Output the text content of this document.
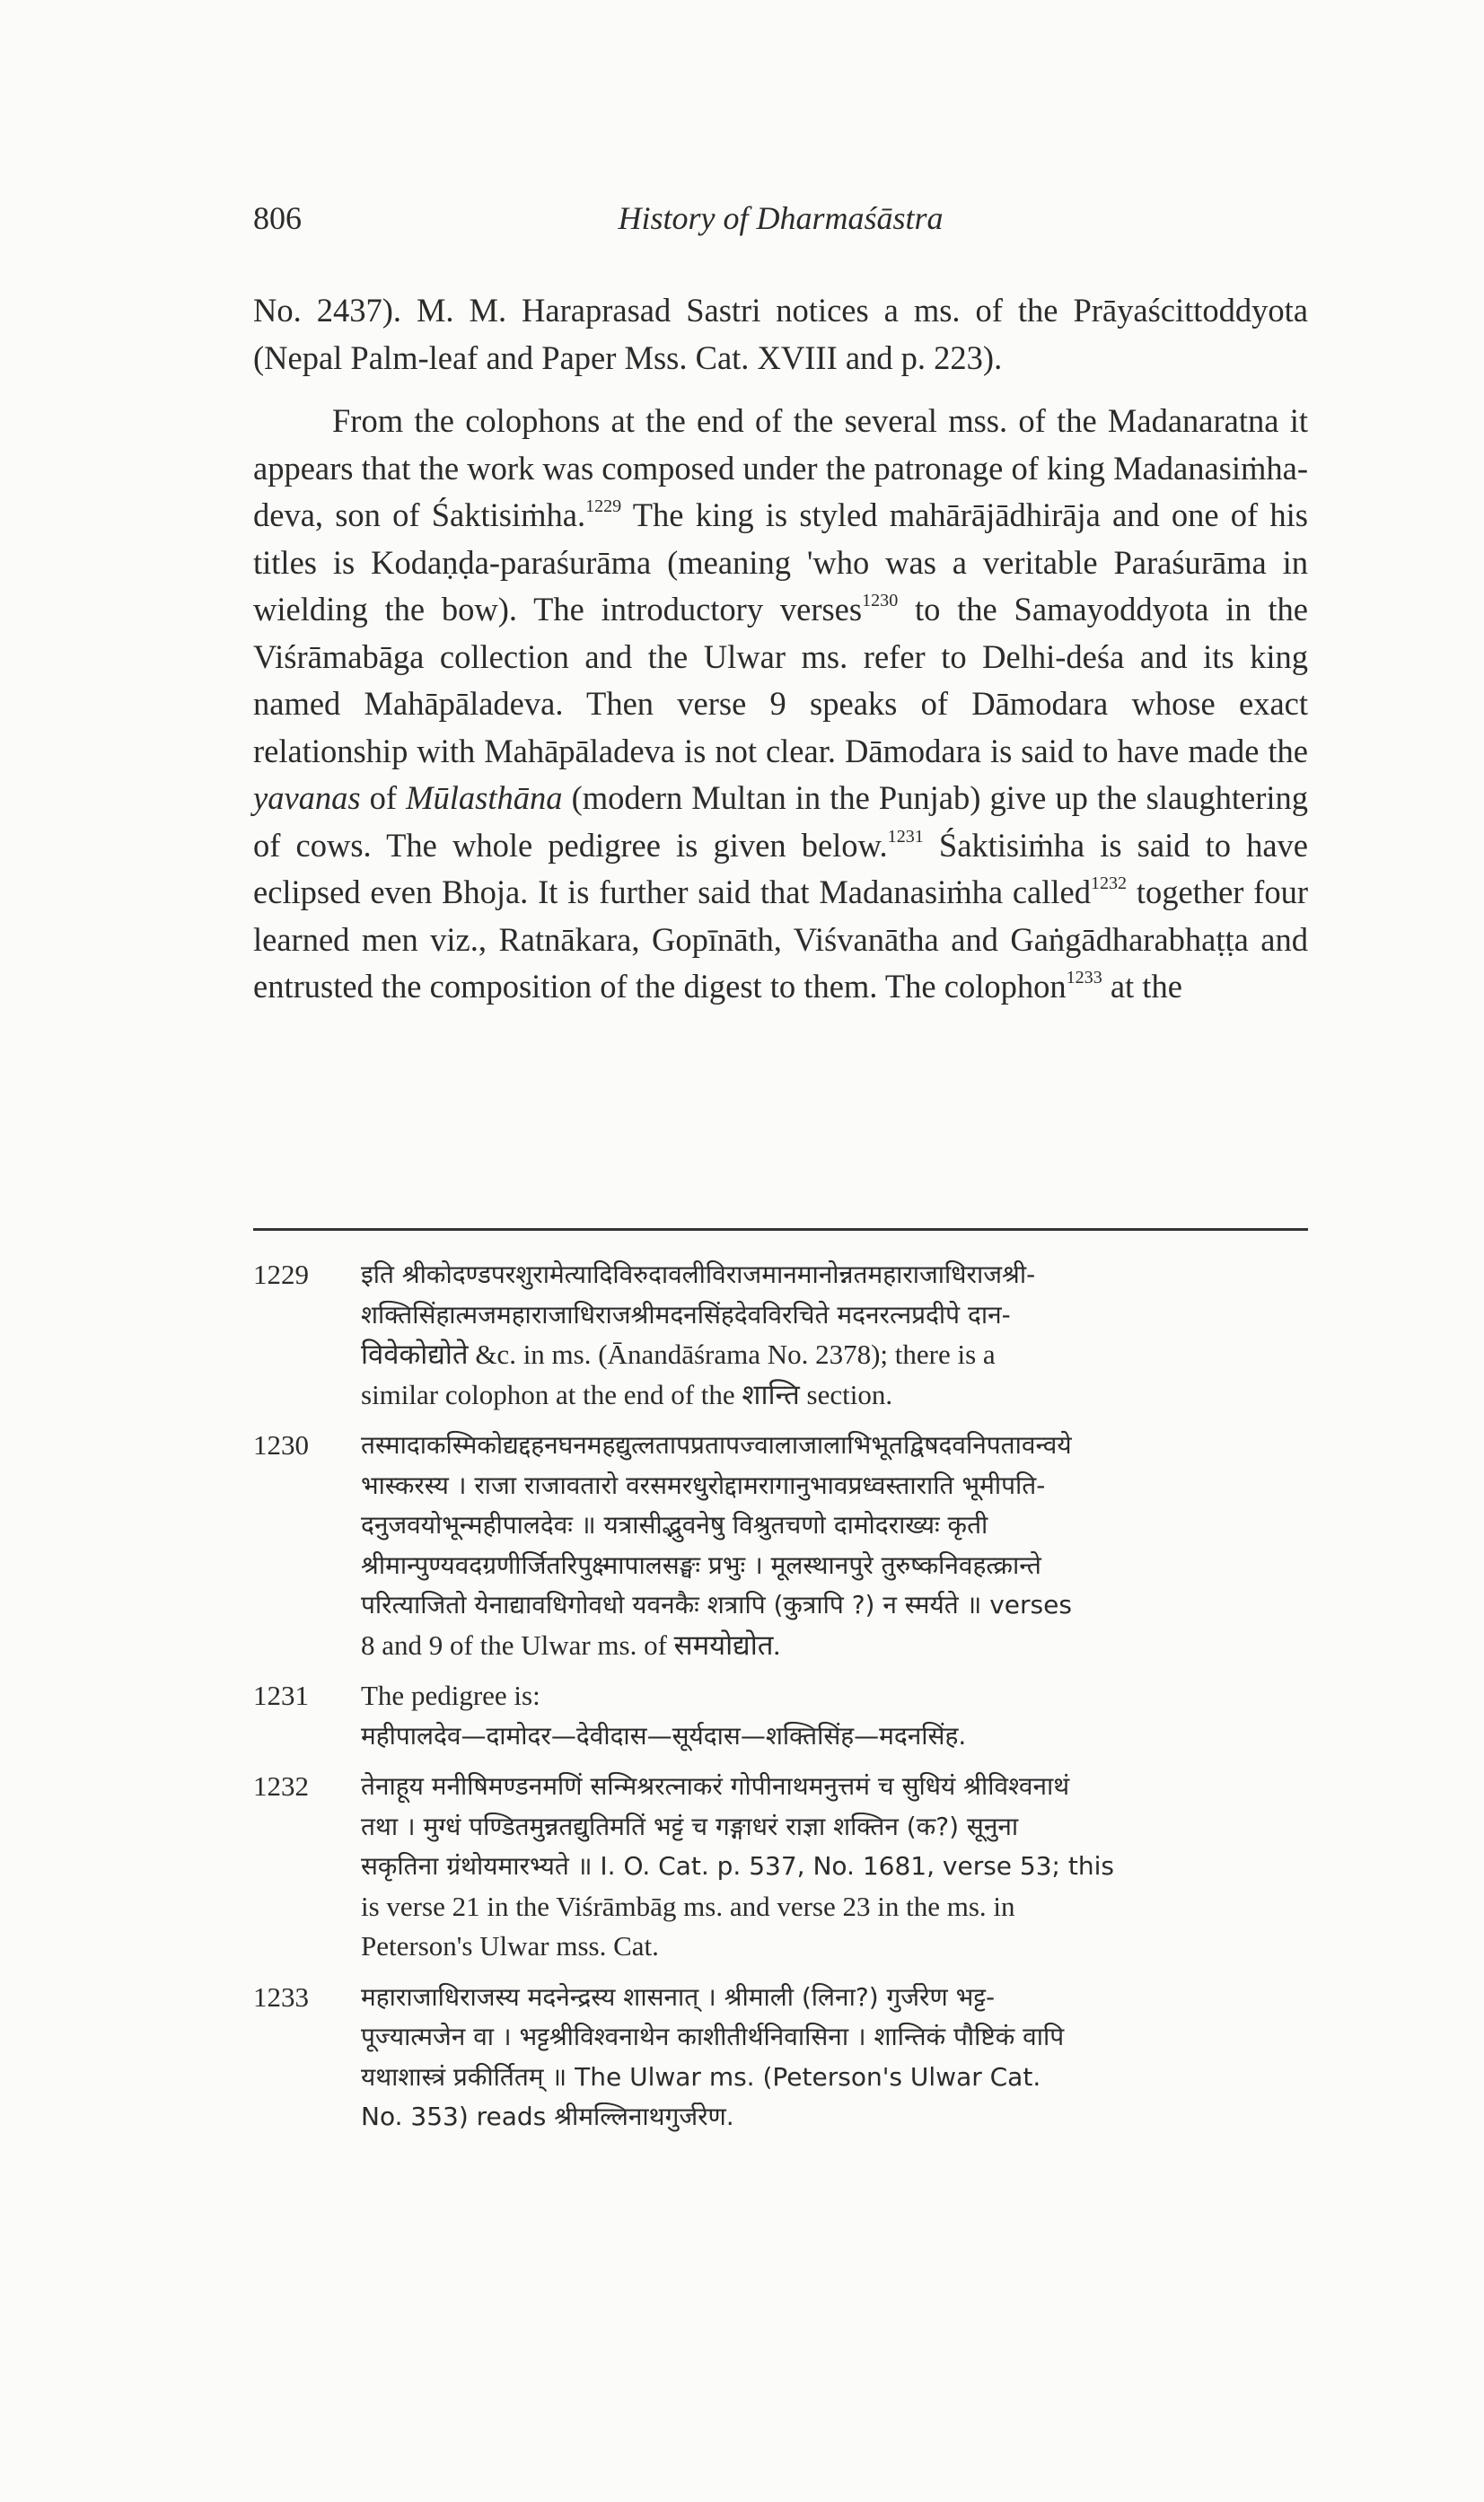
806	History of Dharmaśāstra

No. 2437). M. M. Haraprasad Sastri notices a ms. of the Prāyaścittoddyota (Nepal Palm-leaf and Paper Mss. Cat. XVIII and p. 223).

From the colophons at the end of the several mss. of the Madanaratna it appears that the work was composed under the patronage of king Madanasiṁha-deva, son of Śaktisiṁha.$^{1229}$ The king is styled mahārājādhirāja and one of his titles is Kodaṇḍa-paraśurāma (meaning 'who was a veritable Paraśurāma in wielding the bow). The introductory verses$^{1230}$ to the Samayoddyota in the Viśrāmabāga collection and the Ulwar ms. refer to Delhi-deśa and its king named Mahāpāladeva. Then verse 9 speaks of Dāmodara whose exact relationship with Mahāpāladeva is not clear. Dāmodara is said to have made the yavanas of Mūlasthāna (modern Multan in the Punjab) give up the slaughtering of cows. The whole pedigree is given below.$^{1231}$ Śaktisiṁha is said to have eclipsed even Bhoja. It is further said that Madanasiṁha called$^{1232}$ together four learned men viz., Ratnākara, Gopīnāth, Viśvanātha and Gaṅgādharabhaṭṭa and entrusted the composition of the digest to them. The colophon$^{1233}$ at the

1229 इति श्रीकोदण्डपरशुरामेत्यादिविरुदावलीविराजमानमानोन्नतमहाराजाधिराजश्री-
शक्तिसिंहात्मजमहाराजाधिराजश्रीमदनसिंहदेवविरचिते मदनरत्नप्रदीपे दान-
विवेकोद्योते &c. in ms. (Ānandāśrama No. 2378); there is a
similar colophon at the end of the शान्ति section.
1230 तस्मादाकस्मिकोद्यद्दहनघनमहद्युत्लतापप्रतापज्वालाजालाभिभूतद्विषदवनिपतावन्वये
भास्करस्य । राजा राजावतारो वरसमरधुरोद्दामरागानुभावप्रध्वस्ताराति भूमीपति-
दनुजवयोभून्महीपालदेवः ॥ यत्रासीद्भुवनेषु विश्रुतचणो दामोदराख्यः कृती
श्रीमान्पुण्यवदग्रणीर्जितरिपुक्ष्मापालसङ्घः प्रभुः । मूलस्थानपुरे तुरुष्कनिवहत्क्रान्ते
परित्याजितो येनाद्यावधिगोवधो यवनकैः शत्रापि (कुत्रापि ?) न स्मर्यते ॥ verses
8 and 9 of the Ulwar ms. of समयोद्योत.
1231 The pedigree is:
महीपालदेव—दामोदर—देवीदास—सूर्यदास—शक्तिसिंह—मदनसिंह.
1232 तेनाहूय मनीषिमण्डनमणिं सन्मिश्ररत्नाकरं गोपीनाथमनुत्तमं च सुधियं श्रीविश्वनाथं
तथा । मुग्धं पण्डितमुन्नतद्युतिमतिं भट्टं च गङ्गाधरं राज्ञा शक्तिन (क?) सूनुना
सकृतिना ग्रंथोयमारभ्यते ॥ I. O. Cat. p. 537, No. 1681, verse 53; this
is verse 21 in the Viśrāmbāg ms. and verse 23 in the ms. in
Peterson's Ulwar mss. Cat.
1233 महाराजाधिराजस्य मदनेन्द्रस्य शासनात् । श्रीमाली (लिना?) गुर्जरेण भट्ट-
पूज्यात्मजेन वा । भट्टश्रीविश्वनाथेन काशीतीर्थनिवासिना । शान्तिकं पौष्टिकं वापि
यथाशास्त्रं प्रकीर्तितम् ॥ The Ulwar ms. (Peterson's Ulwar Cat.
No. 353) reads श्रीमल्लिनाथगुर्जरेण.
